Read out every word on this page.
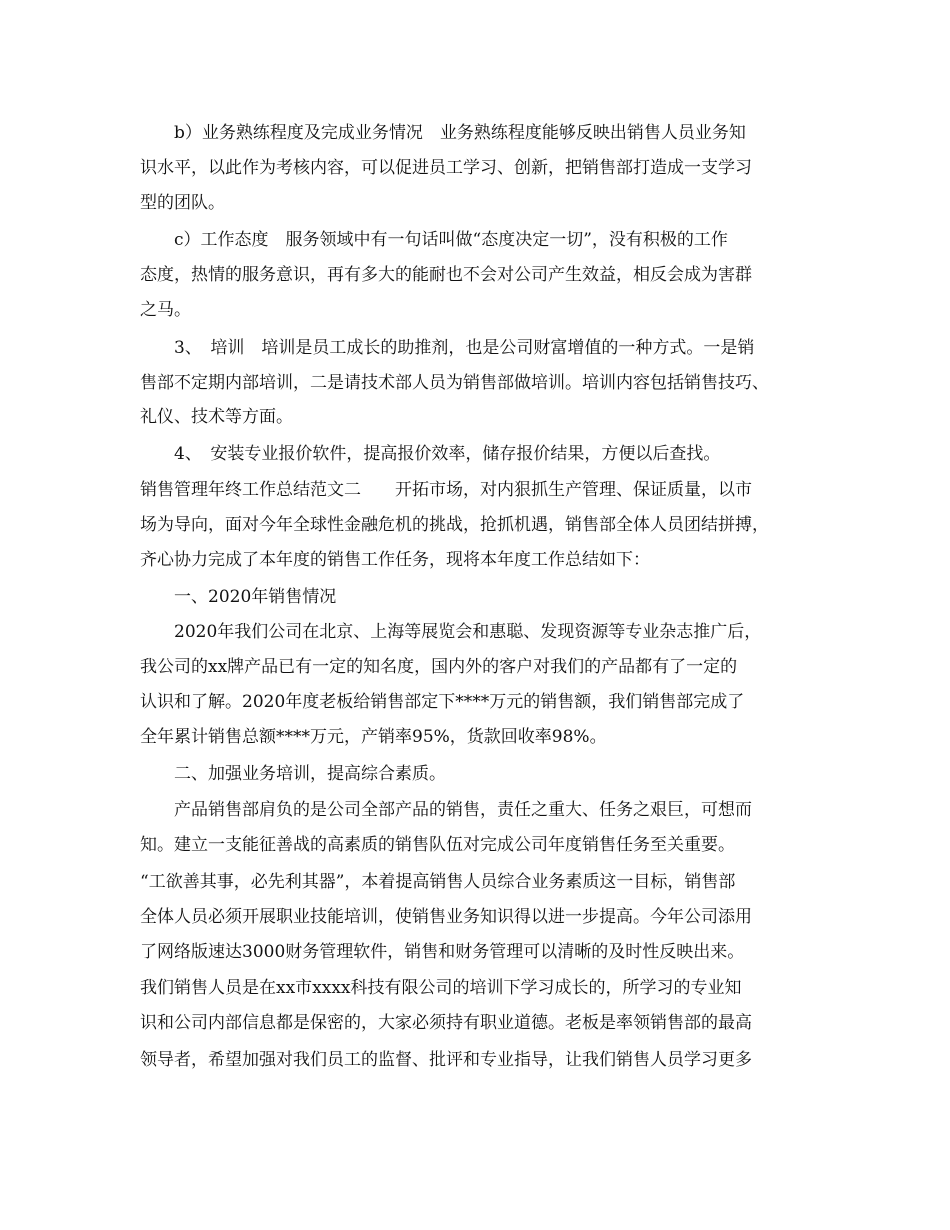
　　b）业务熟练程度及完成业务情况　业务熟练程度能够反映出销售人员业务知
识水平，以此作为考核内容，可以促进员工学习、创新，把销售部打造成一支学习
型的团队。
　　c）工作态度　服务领域中有一句话叫做“态度决定一切”，没有积极的工作
态度，热情的服务意识，再有多大的能耐也不会对公司产生效益，相反会成为害群
之马。
　　3、　培训　培训是员工成长的助推剂，也是公司财富增值的一种方式。一是销
售部不定期内部培训，二是请技术部人员为销售部做培训。培训内容包括销售技巧、
礼仪、技术等方面。
　　4、　安装专业报价软件，提高报价效率，储存报价结果，方便以后查找。
销售管理年终工作总结范文二　　开拓市场，对内狠抓生产管理、保证质量，以市
场为导向，面对今年全球性金融危机的挑战，抢抓机遇，销售部全体人员团结拼搏，
齐心协力完成了本年度的销售工作任务，现将本年度工作总结如下：
　　一、2020年销售情况
　　2020年我们公司在北京、上海等展览会和惠聪、发现资源等专业杂志推广后，
我公司的xx牌产品已有一定的知名度，国内外的客户对我们的产品都有了一定的
认识和了解。2020年度老板给销售部定下****万元的销售额，我们销售部完成了
全年累计销售总额****万元，产销率95%，货款回收率98%。
　　二、加强业务培训，提高综合素质。
　　产品销售部肩负的是公司全部产品的销售，责任之重大、任务之艰巨，可想而
知。建立一支能征善战的高素质的销售队伍对完成公司年度销售任务至关重要。
“工欲善其事，必先利其器”，本着提高销售人员综合业务素质这一目标，销售部
全体人员必须开展职业技能培训，使销售业务知识得以进一步提高。今年公司添用
了网络版速达3000财务管理软件，销售和财务管理可以清晰的及时性反映出来。
我们销售人员是在xx市xxxx科技有限公司的培训下学习成长的，所学习的专业知
识和公司内部信息都是保密的，大家必须持有职业道德。老板是率领销售部的最高
领导者，希望加强对我们员工的监督、批评和专业指导，让我们销售人员学习更多
